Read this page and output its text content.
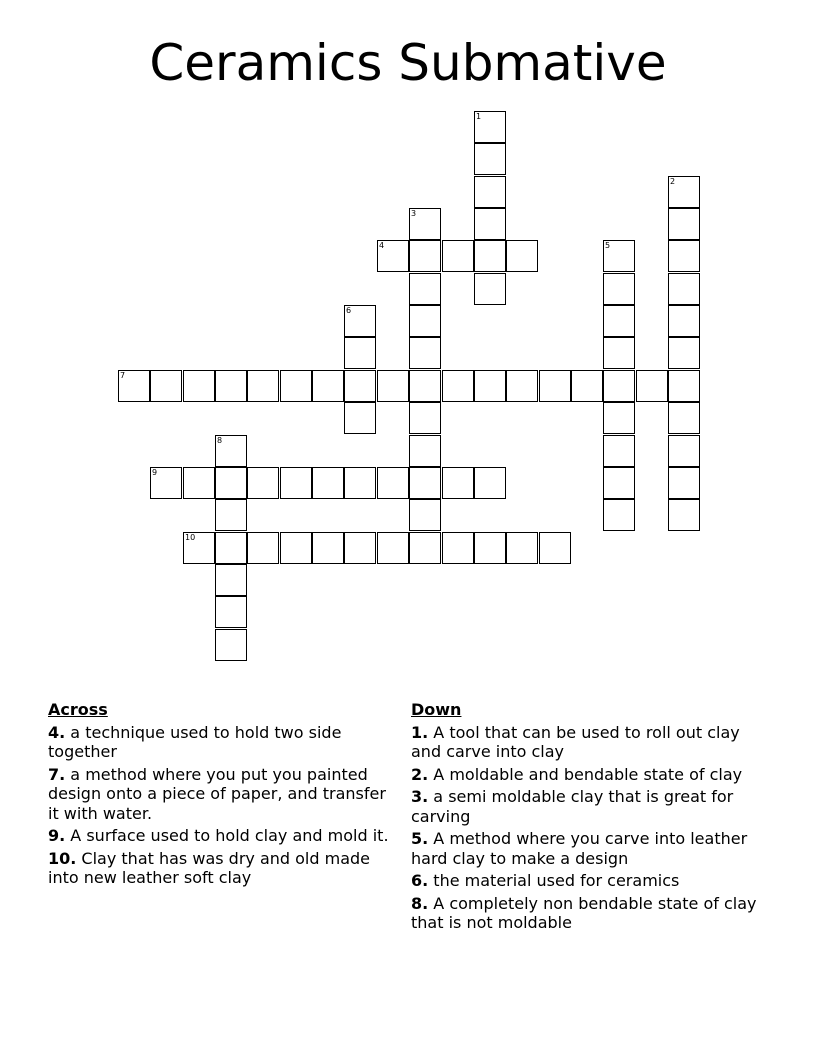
Ceramics Submative
1
2
3
4	5
6
7
8
9
10
Across
4. a technique used to hold two side together
7. a method where you put you painted design onto a piece of paper, and transfer it with water.
9. A surface used to hold clay and mold it.
10. Clay that has was dry and old made into new leather soft clay
Down
1. A tool that can be used to roll out clay and carve into clay
2. A moldable and bendable state of clay
3. a semi moldable clay that is great for carving
5. A method where you carve into leather hard clay to make a design
6. the material used for ceramics
8. A completely non bendable state of clay that is not moldable
